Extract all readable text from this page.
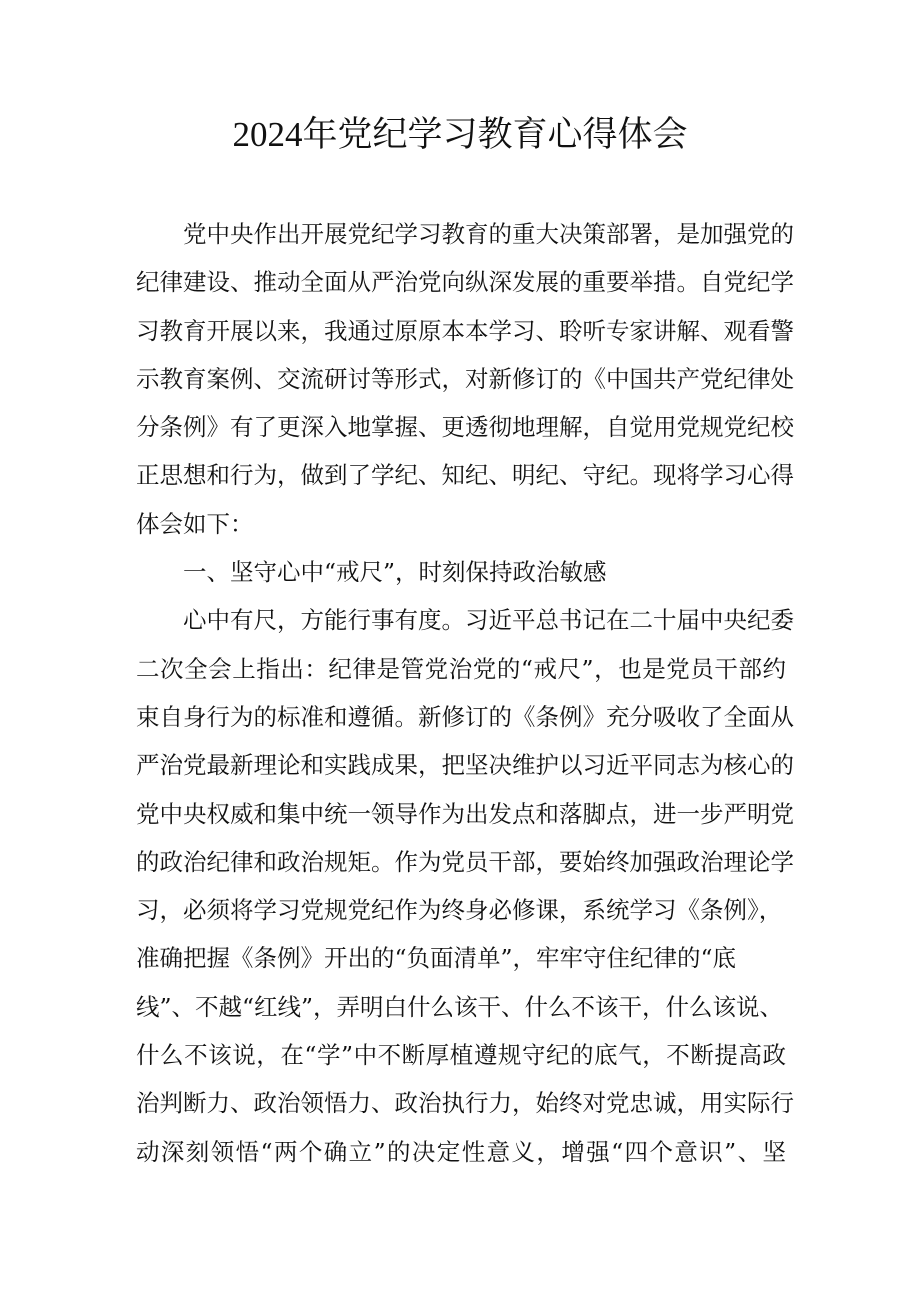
2024年党纪学习教育心得体会
党中央作出开展党纪学习教育的重大决策部署，是加强党的
纪律建设、推动全面从严治党向纵深发展的重要举措。自党纪学
习教育开展以来，我通过原原本本学习、聆听专家讲解、观看警
示教育案例、交流研讨等形式，对新修订的《中国共产党纪律处
分条例》有了更深入地掌握、更透彻地理解，自觉用党规党纪校
正思想和行为，做到了学纪、知纪、明纪、守纪。现将学习心得
体会如下：
一、坚守心中“戒尺”，时刻保持政治敏感
心中有尺，方能行事有度。习近平总书记在二十届中央纪委
二次全会上指出：纪律是管党治党的“戒尺”，也是党员干部约
束自身行为的标准和遵循。新修订的《条例》充分吸收了全面从
严治党最新理论和实践成果，把坚决维护以习近平同志为核心的
党中央权威和集中统一领导作为出发点和落脚点，进一步严明党
的政治纪律和政治规矩。作为党员干部，要始终加强政治理论学
习，必须将学习党规党纪作为终身必修课，系统学习《条例》，
准确把握《条例》开出的“负面清单”，牢牢守住纪律的“底
线”、不越“红线”，弄明白什么该干、什么不该干，什么该说、
什么不该说，在“学”中不断厚植遵规守纪的底气，不断提高政
治判断力、政治领悟力、政治执行力，始终对党忠诚，用实际行
动深刻领悟“两个确立”的决定性意义，增强“四个意识”、坚
